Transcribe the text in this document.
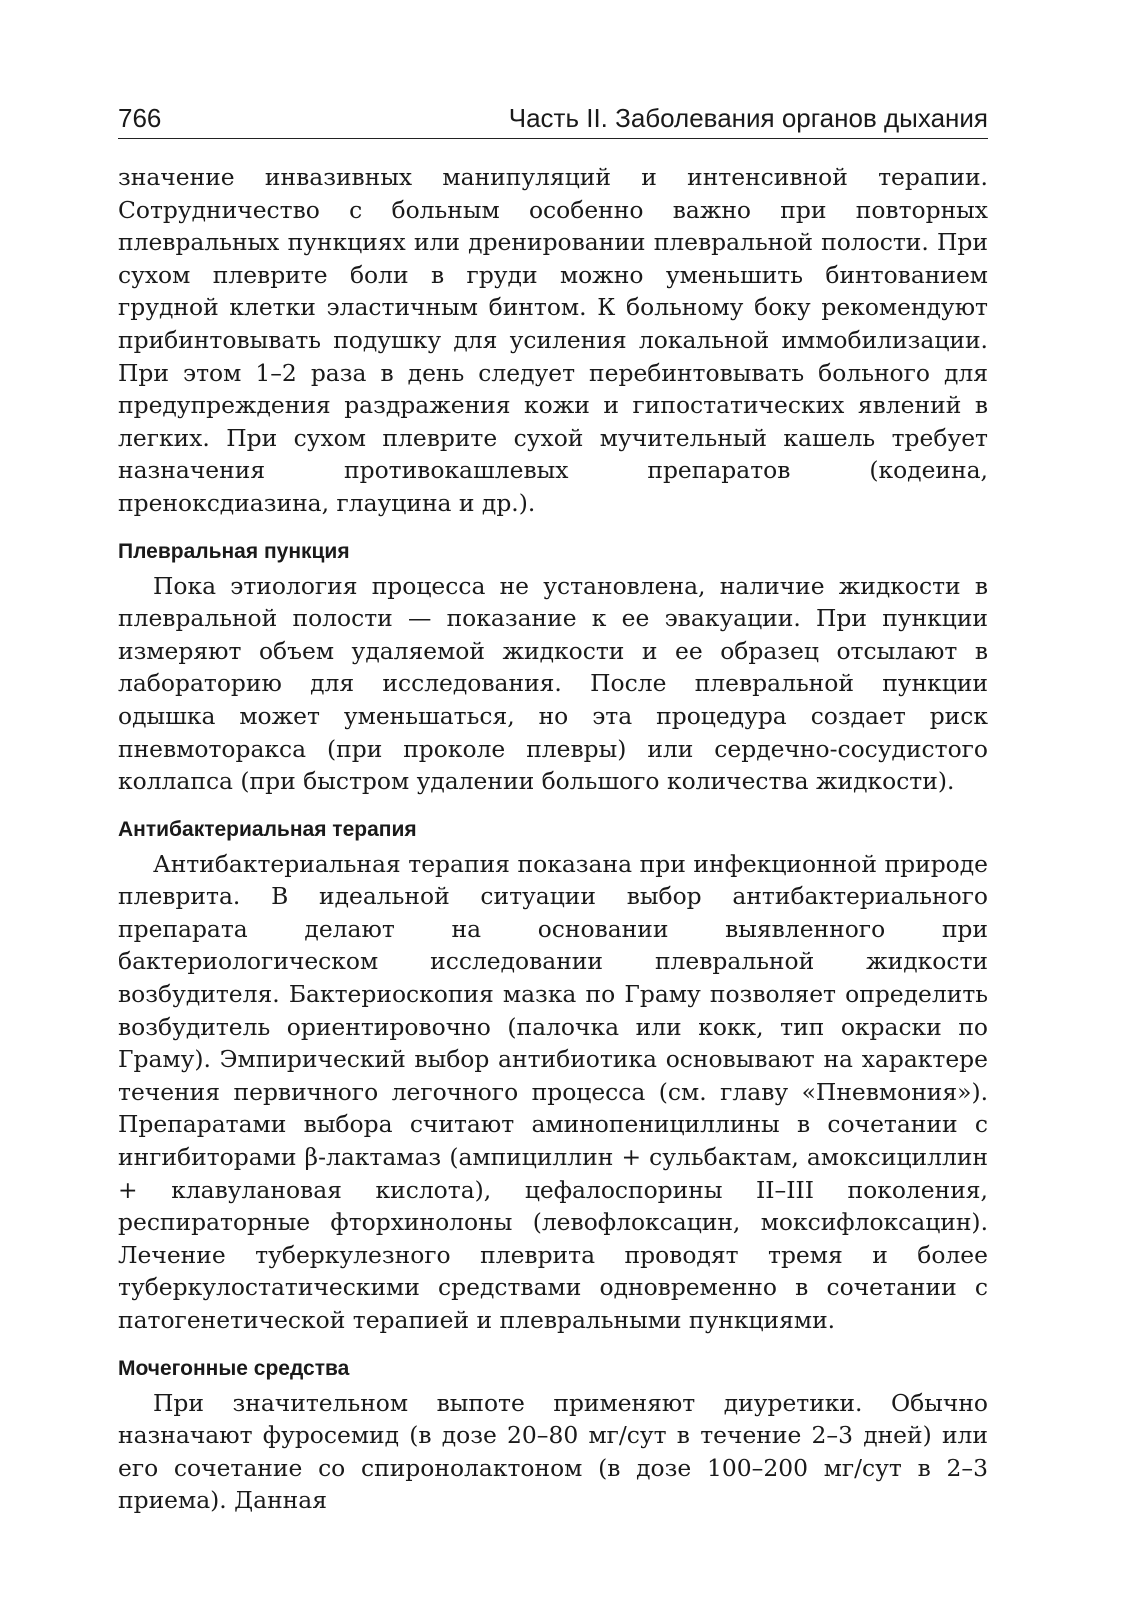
766	Часть II. Заболевания органов дыхания

значение инвазивных манипуляций и интенсивной терапии. Сотрудничество с больным особенно важно при повторных плевральных пункциях или дренировании плевральной полости. При сухом плеврите боли в груди можно уменьшить бинтованием грудной клетки эластичным бинтом. К больному боку рекомендуют прибинтовывать подушку для усиления локальной иммобилизации. При этом 1–2 раза в день следует перебинтовывать больного для предупреждения раздражения кожи и гипостатических явлений в легких. При сухом плеврите сухой мучительный кашель требует назначения противокашлевых препаратов (кодеина, преноксдиазина, глауцина и др.).

Плевральная пункция

Пока этиология процесса не установлена, наличие жидкости в плевральной полости — показание к ее эвакуации. При пункции измеряют объем удаляемой жидкости и ее образец отсылают в лабораторию для исследования. После плевральной пункции одышка может уменьшаться, но эта процедура создает риск пневмоторакса (при проколе плевры) или сердечно-сосудистого коллапса (при быстром удалении большого количества жидкости).

Антибактериальная терапия

Антибактериальная терапия показана при инфекционной природе плеврита. В идеальной ситуации выбор антибактериального препарата делают на основании выявленного при бактериологическом исследовании плевральной жидкости возбудителя. Бактериоскопия мазка по Граму позволяет определить возбудитель ориентировочно (палочка или кокк, тип окраски по Граму). Эмпирический выбор антибиотика основывают на характере течения первичного легочного процесса (см. главу «Пневмония»). Препаратами выбора считают аминопенициллины в сочетании с ингибиторами β-лактамаз (ампициллин + сульбактам, амоксициллин + клавулановая кислота), цефалоспорины II–III поколения, респираторные фторхинолоны (левофлоксацин, моксифлоксацин). Лечение туберкулезного плеврита проводят тремя и более туберкулостатическими средствами одновременно в сочетании с патогенетической терапией и плевральными пункциями.

Мочегонные средства

При значительном выпоте применяют диуретики. Обычно назначают фуросемид (в дозе 20–80 мг/сут в течение 2–3 дней) или его сочетание со спиронолактоном (в дозе 100–200 мг/сут в 2–3 приема). Данная
